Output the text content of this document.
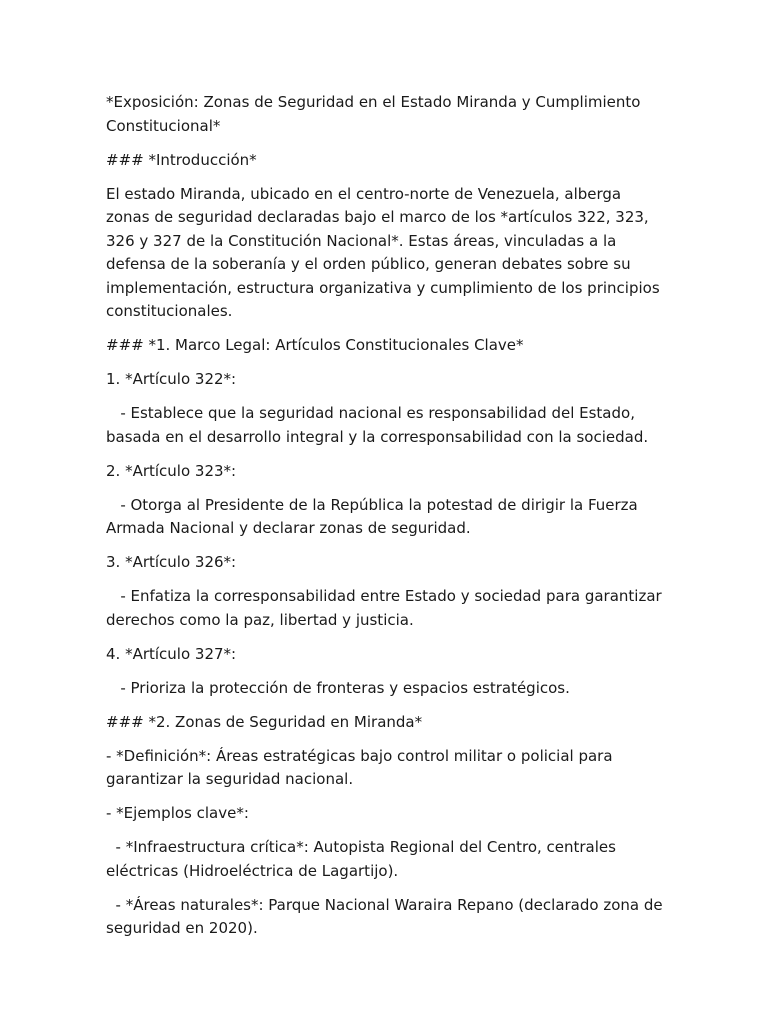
*Exposición: Zonas de Seguridad en el Estado Miranda y Cumplimiento Constitucional*

### *Introducción*

El estado Miranda, ubicado en el centro-norte de Venezuela, alberga zonas de seguridad declaradas bajo el marco de los *artículos 322, 323, 326 y 327 de la Constitución Nacional*. Estas áreas, vinculadas a la defensa de la soberanía y el orden público, generan debates sobre su implementación, estructura organizativa y cumplimiento de los principios constitucionales.

### *1. Marco Legal: Artículos Constitucionales Clave*

1. *Artículo 322*:

- Establece que la seguridad nacional es responsabilidad del Estado, basada en el desarrollo integral y la corresponsabilidad con la sociedad.

2. *Artículo 323*:

- Otorga al Presidente de la República la potestad de dirigir la Fuerza Armada Nacional y declarar zonas de seguridad.

3. *Artículo 326*:

- Enfatiza la corresponsabilidad entre Estado y sociedad para garantizar derechos como la paz, libertad y justicia.

4. *Artículo 327*:

- Prioriza la protección de fronteras y espacios estratégicos.

### *2. Zonas de Seguridad en Miranda*

- *Definición*: Áreas estratégicas bajo control militar o policial para garantizar la seguridad nacional.

- *Ejemplos clave*:

- *Infraestructura crítica*: Autopista Regional del Centro, centrales eléctricas (Hidroeléctrica de Lagartijo).

- *Áreas naturales*: Parque Nacional Waraira Repano (declarado zona de seguridad en 2020).
